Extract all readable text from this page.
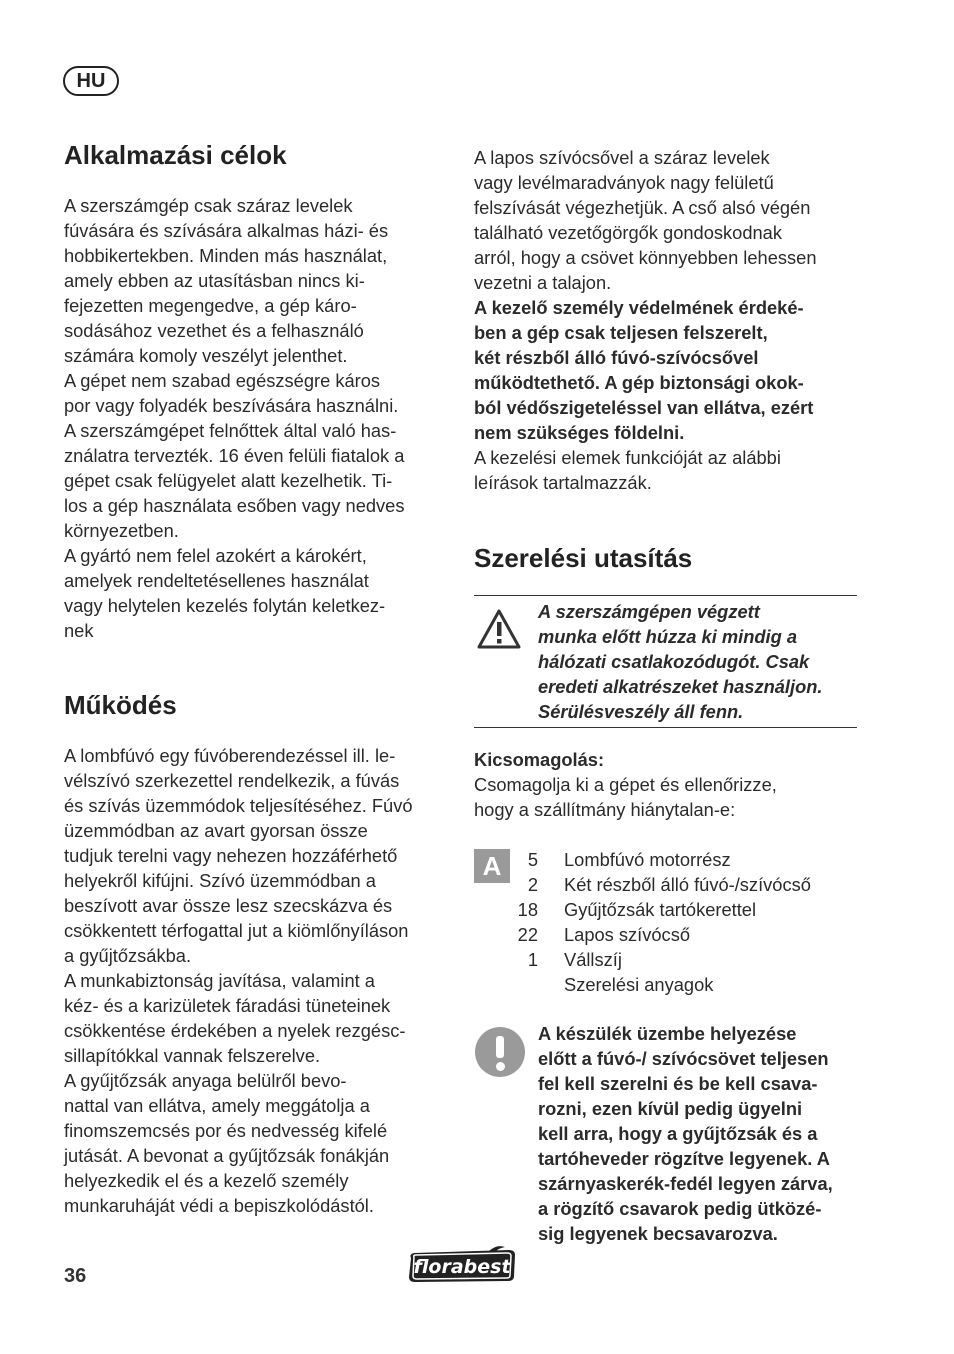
HU
Alkalmazási célok

A szerszámgép csak száraz levelek
fúvására és szívására alkalmas házi- és
hobbikertekben. Minden más használat,
amely ebben az utasításban nincs ki-
fejezetten megengedve, a gép káro-
sodásához vezethet és a felhasználó
számára komoly veszélyt jelenthet.
A gépet nem szabad egészségre káros
por vagy folyadék beszívására használni.
A szerszámgépet felnőttek által való has-
ználatra tervezték. 16 éven felüli fiatalok a
gépet csak felügyelet alatt kezelhetik. Ti-
los a gép használata esőben vagy nedves
környezetben.
A gyártó nem felel azokért a károkért,
amelyek rendeltetésellenes használat
vagy helytelen kezelés folytán keletkez-
nek

Működés

A lombfúvó egy fúvóberendezéssel ill. le-
vélszívó szerkezettel rendelkezik, a fúvás
és szívás üzemmódok teljesítéséhez. Fúvó
üzemmódban az avart gyorsan össze
tudjuk terelni vagy nehezen hozzáférhető
helyekről kifújni. Szívó üzemmódban a
beszívott avar össze lesz szecskázva és
csökkentett térfogattal jut a kiömlőnyíláson
a gyűjtőzsákba.
A munkabiztonság javítása, valamint a
kéz- és a karizületek fáradási tüneteinek
csökkentése érdekében a nyelek rezgésc-
sillapítókkal vannak felszerelve.
A gyűjtőzsák anyaga belülről bevo-
nattal van ellátva, amely meggátolja a
finomszemcsés por és nedvesség kifelé
jutását. A bevonat a gyűjtőzsák fonákján
helyezkedik el és a kezelő személy
munkaruháját védi a bepiszkolódástól.

A lapos szívócsővel a száraz levelek
vagy levélmaradványok nagy felületű
felszívását végezhetjük. A cső alsó végén
található vezetőgörgők gondoskodnak
arról, hogy a csövet könnyebben lehessen
vezetni a talajon.

A kezelő személy védelmének érdeké-
ben a gép csak teljesen felszerelt,
két részből álló fúvó-szívócsővel
működtethető. A gép biztonsági okok-
ból védőszigeteléssel van ellátva, ezért
nem szükséges földelni.

A kezelési elemek funkcióját az alábbi
leírások tartalmazzák.

Szerelési utasítás

A szerszámgépen végzett
munka előtt húzza ki mindig a
hálózati csatlakozódugót. Csak
eredeti alkatrészeket használjon.
Sérülésveszély áll fenn.

Kicsomagolás:

Csomagolja ki a gépet és ellenőrizze,
hogy a szállítmány hiánytalan-e:

A	5 Lombfúvó motorrész
2 Két részből álló fúvó-/szívócső
18 Gyűjtőzsák tartókerettel
22 Lapos szívócső
1 Vállszíj
Szerelési anyagok

A készülék üzembe helyezése
előtt a fúvó-/ szívócsövet teljesen
fel kell szerelni és be kell csava-
rozni, ezen kívül pedig ügyelni
kell arra, hogy a gyűjtőzsák és a
tartóheveder rögzítve legyenek. A
szárnyaskerék-fedél legyen zárva,
a rögzítő csavarok pedig ütközé-
sig legyenek becsavarozva.

36	florabest
